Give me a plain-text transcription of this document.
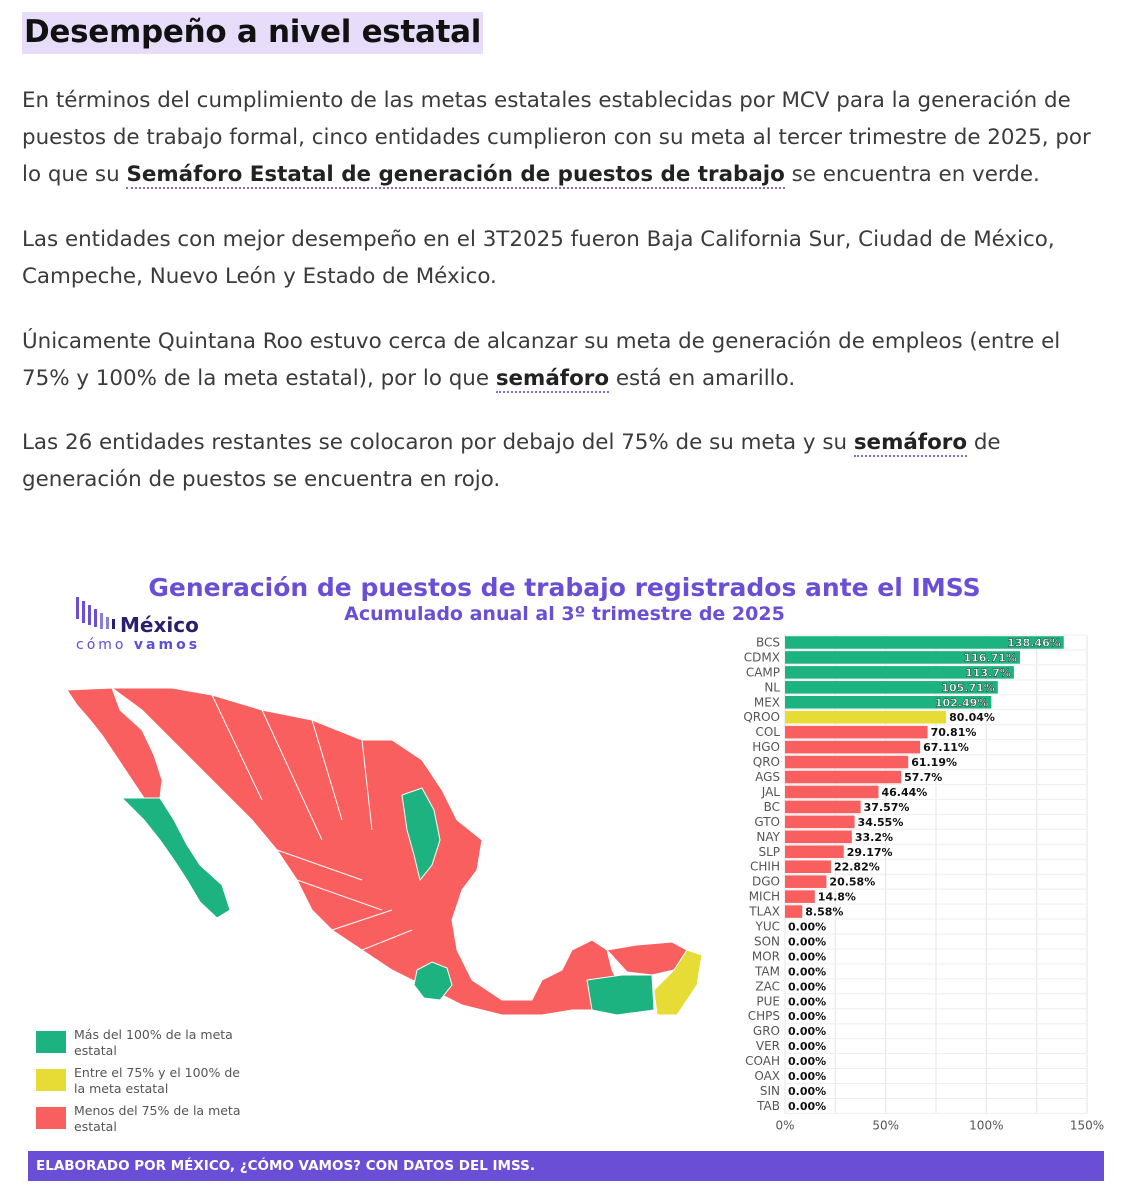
Desempeño a nivel estatal

En términos del cumplimiento de las metas estatales establecidas por MCV para la generación de puestos de trabajo formal, cinco entidades cumplieron con su meta al tercer trimestre de 2025, por lo que su Semáforo Estatal de generación de puestos de trabajo se encuentra en verde.

Las entidades con mejor desempeño en el 3T2025 fueron Baja California Sur, Ciudad de México, Campeche, Nuevo León y Estado de México.

Únicamente Quintana Roo estuvo cerca de alcanzar su meta de generación de empleos (entre el 75% y 100% de la meta estatal), por lo que semáforo está en amarillo.

Las 26 entidades restantes se colocaron por debajo del 75% de su meta y su semáforo de generación de puestos se encuentra en rojo.

Generación de puestos de trabajo registrados ante el IMSS
Acumulado anual al 3º trimestre de 2025
México
cómo vamos
Más del 100% de la meta estatal
Entre el 75% y el 100% de la meta estatal
Menos del 75% de la meta estatal
BCS	138.46%
CDMX	116.71%
CAMP	113.7%
NL	105.71%
MEX	102.49%
QROO	80.04%
COL	70.81%
HGO	67.11%
QRO	61.19%
AGS	57.7%
JAL	46.44%
BC	37.57%
GTO	34.55%
NAY	33.2%
SLP	29.17%
CHIH	22.82%
DGO	20.58%
MICH	14.8%
TLAX 8.58%
YUC 0.00%
SON 0.00%
MOR 0.00%
TAM 0.00%
ZAC 0.00%
PUE 0.00%
CHPS 0.00%
GRO 0.00%
VER 0.00%
COAH 0.00%
OAX 0.00%
SIN 0.00%
TAB 0.00%
0%	50%	100%	150%
ELABORADO POR MÉXICO, ¿CÓMO VAMOS? CON DATOS DEL IMSS.
